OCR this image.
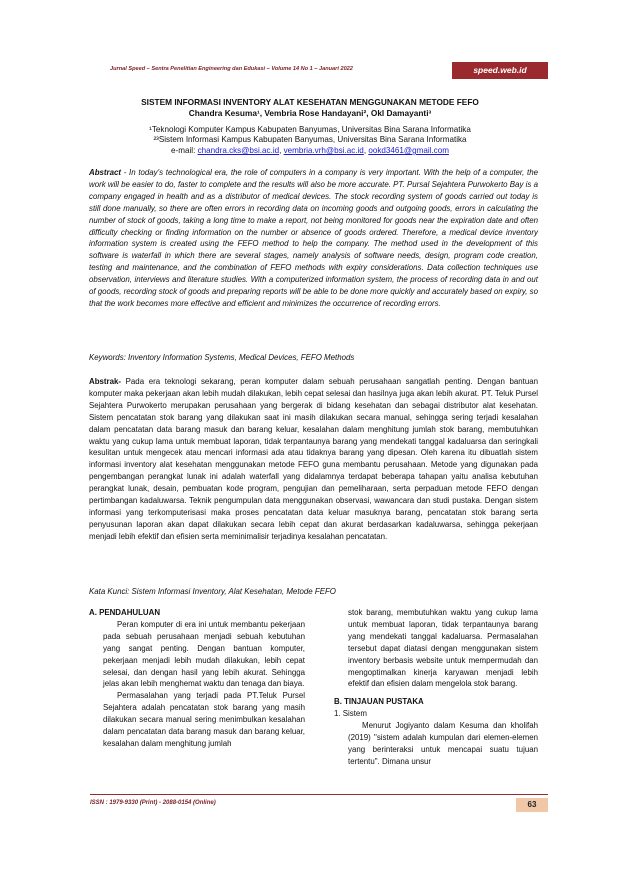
Jurnal Speed – Sentra Penelitian Engineering dan Edukasi – Volume 14 No 1 – Januari 2022	speed.web.id
SISTEM INFORMASI INVENTORY ALAT KESEHATAN MENGGUNAKAN METODE FEFO
Chandra Kesuma¹, Vembria Rose Handayani², Okl Damayanti³
¹Teknologi Komputer Kampus Kabupaten Banyumas, Universitas Bina Sarana Informatika
²³Sistem Informasi Kampus Kabupaten Banyumas, Universitas Bina Sarana Informatika
e-mail: chandra.cks@bsi.ac.id, vembria.vrh@bsi.ac.id, ookd3461@gmail.com
Abstract - In today's technological era, the role of computers in a company is very important. With the help of a computer, the work will be easier to do, faster to complete and the results will also be more accurate. PT. Pursal Sejahtera Purwokerto Bay is a company engaged in health and as a distributor of medical devices. The stock recording system of goods carried out today is still done manually, so there are often errors in recording data on incoming goods and outgoing goods, errors in calculating the number of stock of goods, taking a long time to make a report, not being monitored for goods near the expiration date and often difficulty checking or finding information on the number or absence of goods ordered. Therefore, a medical device inventory information system is created using the FEFO method to help the company. The method used in the development of this software is waterfall in which there are several stages, namely analysis of software needs, design, program code creation, testing and maintenance, and the combination of FEFO methods with expiry considerations. Data collection techniques use observation, interviews and literature studies. With a computerized information system, the process of recording data in and out of goods, recording stock of goods and preparing reports will be able to be done more quickly and accurately based on expiry, so that the work becomes more effective and efficient and minimizes the occurrence of recording errors.
Keywords: Inventory Information Systems, Medical Devices, FEFO Methods
Abstrak- Pada era teknologi sekarang, peran komputer dalam sebuah perusahaan sangatlah penting. Dengan bantuan komputer maka pekerjaan akan lebih mudah dilakukan, lebih cepat selesai dan hasilnya juga akan lebih akurat. PT. Teluk Pursel Sejahtera Purwokerto merupakan perusahaan yang bergerak di bidang kesehatan dan sebagai distributor alat kesehatan. Sistem pencatatan stok barang yang dilakukan saat ini masih dilakukan secara manual, sehingga sering terjadi kesalahan dalam pencatatan data barang masuk dan barang keluar, kesalahan dalam menghitung jumlah stok barang, membutuhkan waktu yang cukup lama untuk membuat laporan, tidak terpantaunya barang yang mendekati tanggal kadaluarsa dan seringkali kesulitan untuk mengecek atau mencari informasi ada atau tidaknya barang yang dipesan. Oleh karena itu dibuatlah sistem informasi inventory alat kesehatan menggunakan metode FEFO guna membantu perusahaan. Metode yang digunakan pada pengembangan perangkat lunak ini adalah waterfall yang didalamnya terdapat beberapa tahapan yaitu analisa kebutuhan perangkat lunak, desain, pembuatan kode program, pengujian dan pemeliharaan, serta perpaduan metode FEFO dengan pertimbangan kadaluwarsa. Teknik pengumpulan data menggunakan observasi, wawancara dan studi pustaka. Dengan sistem informasi yang terkomputerisasi maka proses pencatatan data keluar masuknya barang, pencatatan stok barang serta penyusunan laporan akan dapat dilakukan secara lebih cepat dan akurat berdasarkan kadaluwarsa, sehingga pekerjaan menjadi lebih efektif dan efisien serta meminimalisir terjadinya kesalahan pencatatan.
Kata Kunci: Sistem Informasi Inventory, Alat Kesehatan, Metode FEFO

A. PENDAHULUAN

Peran komputer di era ini untuk membantu pekerjaan pada sebuah perusahaan menjadi sebuah kebutuhan yang sangat penting. Dengan bantuan komputer, pekerjaan menjadi lebih mudah dilakukan, lebih cepat selesai, dan dengan hasil yang lebih akurat. Sehingga jelas akan lebih menghemat waktu dan tenaga dan biaya.

Permasalahan yang terjadi pada PT.Teluk Pursel Sejahtera adalah pencatatan stok barang yang masih dilakukan secara manual sering menimbulkan kesalahan dalam pencatatan data barang masuk dan barang keluar, kesalahan dalam menghitung jumlah

stok barang, membutuhkan waktu yang cukup lama untuk membuat laporan, tidak terpantaunya barang yang mendekati tanggal kadaluarsa. Permasalahan tersebut dapat diatasi dengan menggunakan sistem inventory berbasis website untuk mempermudah dan mengoptimalkan kinerja karyawan menjadi lebih efektif dan efisien dalam mengelola stok barang.

B. TINJAUAN PUSTAKA

1. Sistem

Menurut Jogiyanto dalam Kesuma dan kholifah (2019) "sistem adalah kumpulan dari elemen-elemen yang berinteraksi untuk mencapai suatu tujuan tertentu". Dimana unsur

ISSN : 1979-9330 (Print) - 2088-0154 (Online)	63
